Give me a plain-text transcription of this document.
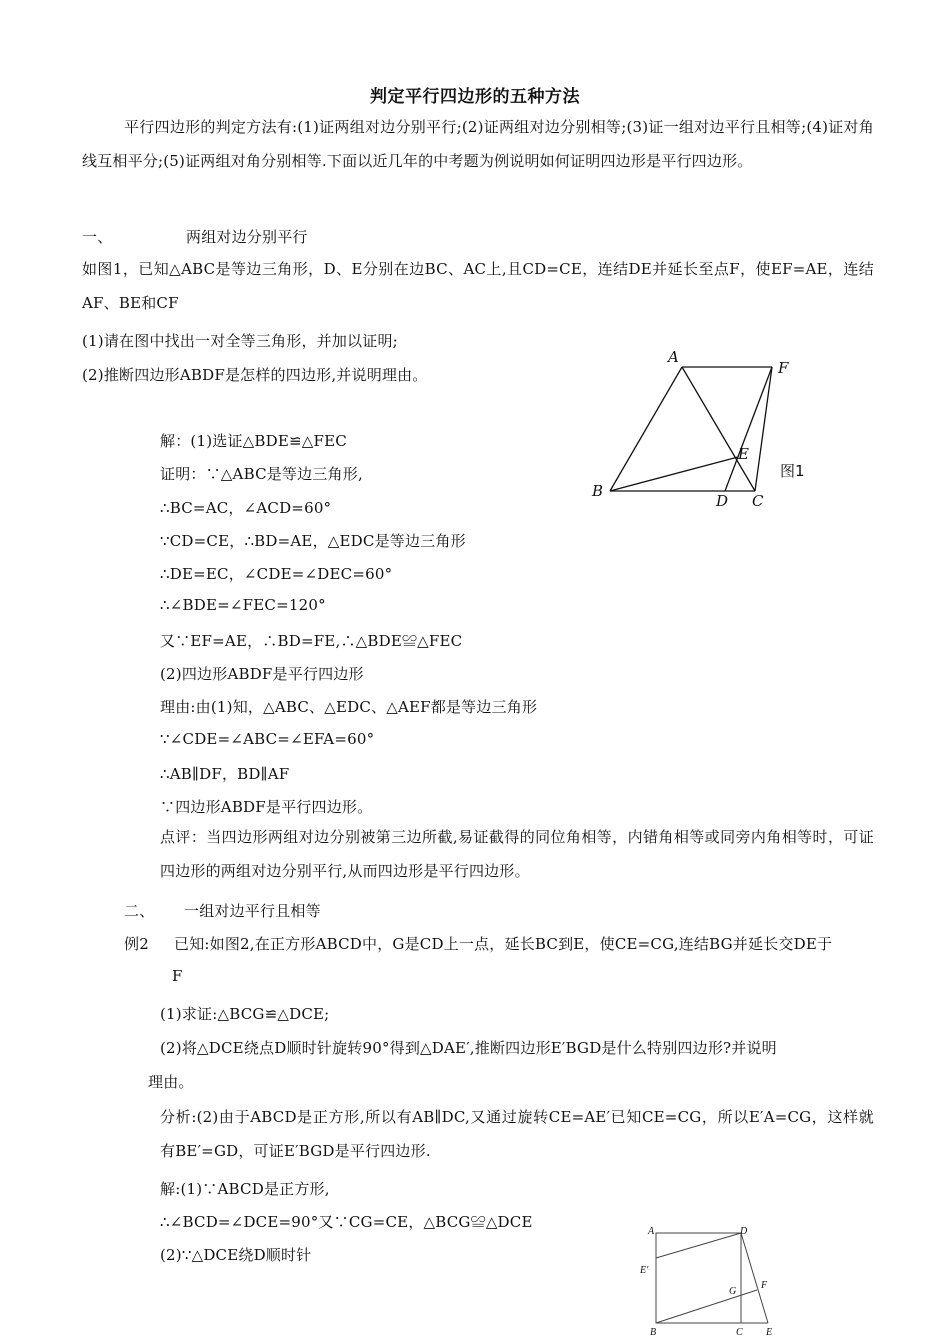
判定平行四边形的五种方法
平行四边形的判定方法有:(1)证两组对边分别平行;(2)证两组对边分别相等;(3)证一组对边平行且相等;(4)证对角线互相平分;(5)证两组对角分别相等.下面以近几年的中考题为例说明如何证明四边形是平行四边形。
一、	两组对边分别平行
如图1，已知△ABC是等边三角形，D、E分别在边BC、AC上,且CD=CE，连结DE并延长至点F，使EF=AE，连结AF、BE和CF
(1)请在图中找出一对全等三角形，并加以证明;
(2)推断四边形ABDF是怎样的四边形,并说明理由。
解：(1)选证△BDE≌△FEC
证明：∵△ABC是等边三角形,
∴BC=AC，∠ACD=60°
∵CD=CE，∴BD=AE，△EDC是等边三角形
∴DE=EC，∠CDE=∠DEC=60°
∴∠BDE=∠FEC=120°
又∵EF=AE，∴BD=FE,∴△BDE≌△FEC
(2)四边形ABDF是平行四边形
理由:由(1)知，△ABC、△EDC、△AEF都是等边三角形
∵∠CDE=∠ABC=∠EFA=60°
∴AB∥DF，BD∥AF
∵四边形ABDF是平行四边形。
点评：当四边形两组对边分别被第三边所截,易证截得的同位角相等，内错角相等或同旁内角相等时，可证四边形的两组对边分别平行,从而四边形是平行四边形。
A
F
E
B
D C
图1
二、 一组对边平行且相等
例2 已知:如图2,在正方形ABCD中，G是CD上一点，延长BC到E，使CE=CG,连结BG并延长交DE于
F
(1)求证:△BCG≌△DCE;
(2)将△DCE绕点D顺时针旋转90°得到△DAE′,推断四边形E′BGD是什么特别四边形?并说明
理由。
分析:(2)由于ABCD是正方形,所以有AB∥DC,又通过旋转CE=AE′已知CE=CG，所以E′A=CG，这样就有BE′=GD，可证E′BGD是平行四边形.
解:(1)∵ABCD是正方形,
∴∠BCD=∠DCE=90°又∵CG=CE，△BCG≌△DCE
(2)∵△DCE绕D顺时针
A	D
E′
G
F
B	C E
